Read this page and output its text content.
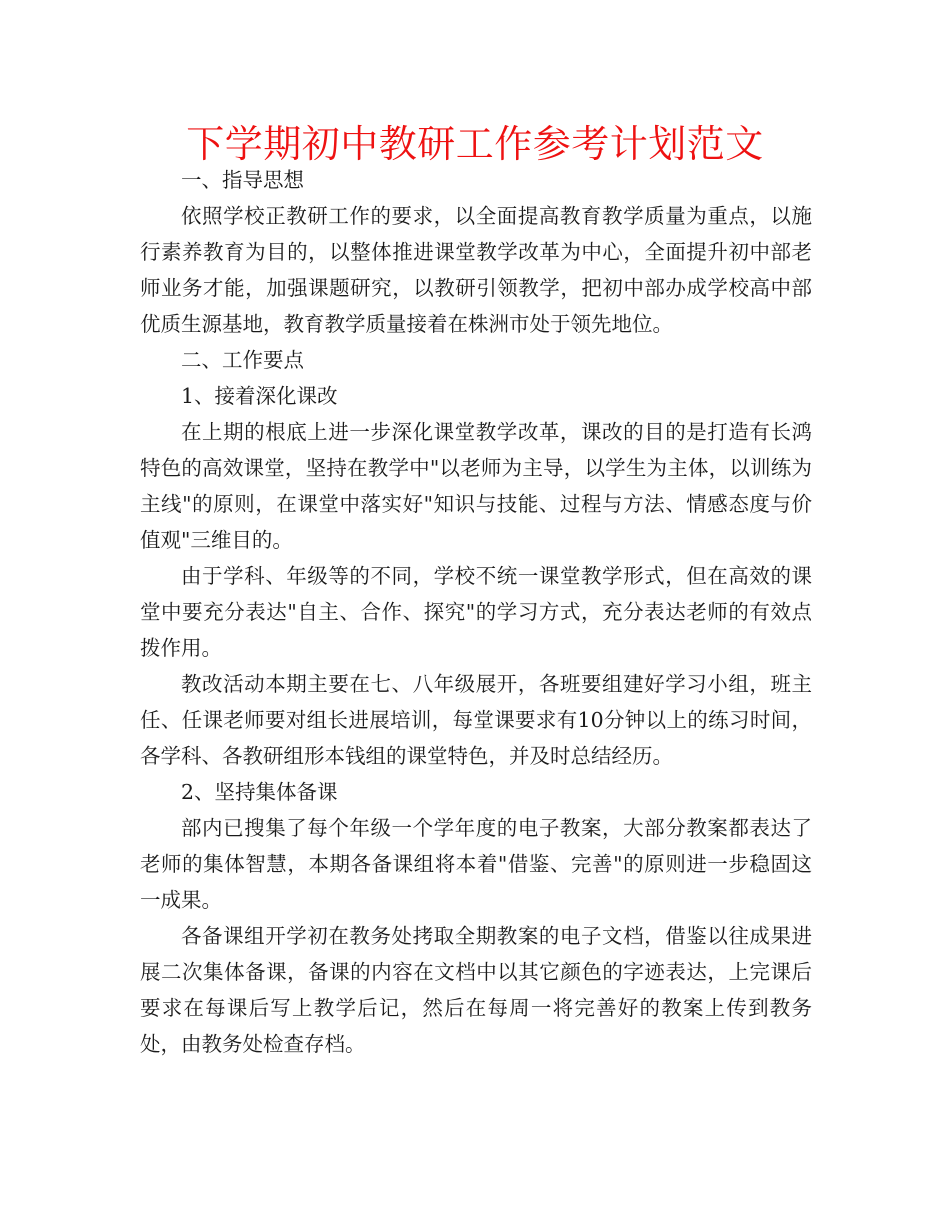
下学期初中教研工作参考计划范文

一、指导思想

依照学校正教研工作的要求，以全面提高教育教学质量为重点，以施行素养教育为目的，以整体推进课堂教学改革为中心，全面提升初中部老师业务才能，加强课题研究，以教研引领教学，把初中部办成学校高中部优质生源基地，教育教学质量接着在株洲市处于领先地位。

二、工作要点

1、接着深化课改

在上期的根底上进一步深化课堂教学改革，课改的目的是打造有长鸿特色的高效课堂，坚持在教学中"以老师为主导，以学生为主体，以训练为主线"的原则，在课堂中落实好"知识与技能、过程与方法、情感态度与价值观"三维目的。

由于学科、年级等的不同，学校不统一课堂教学形式，但在高效的课堂中要充分表达"自主、合作、探究"的学习方式，充分表达老师的有效点拨作用。

教改活动本期主要在七、八年级展开，各班要组建好学习小组，班主任、任课老师要对组长进展培训，每堂课要求有10分钟以上的练习时间，各学科、各教研组形本钱组的课堂特色，并及时总结经历。

2、坚持集体备课

部内已搜集了每个年级一个学年度的电子教案，大部分教案都表达了老师的集体智慧，本期各备课组将本着"借鉴、完善"的原则进一步稳固这一成果。

各备课组开学初在教务处拷取全期教案的电子文档，借鉴以往成果进展二次集体备课，备课的内容在文档中以其它颜色的字迹表达，上完课后要求在每课后写上教学后记，然后在每周一将完善好的教案上传到教务处，由教务处检查存档。
